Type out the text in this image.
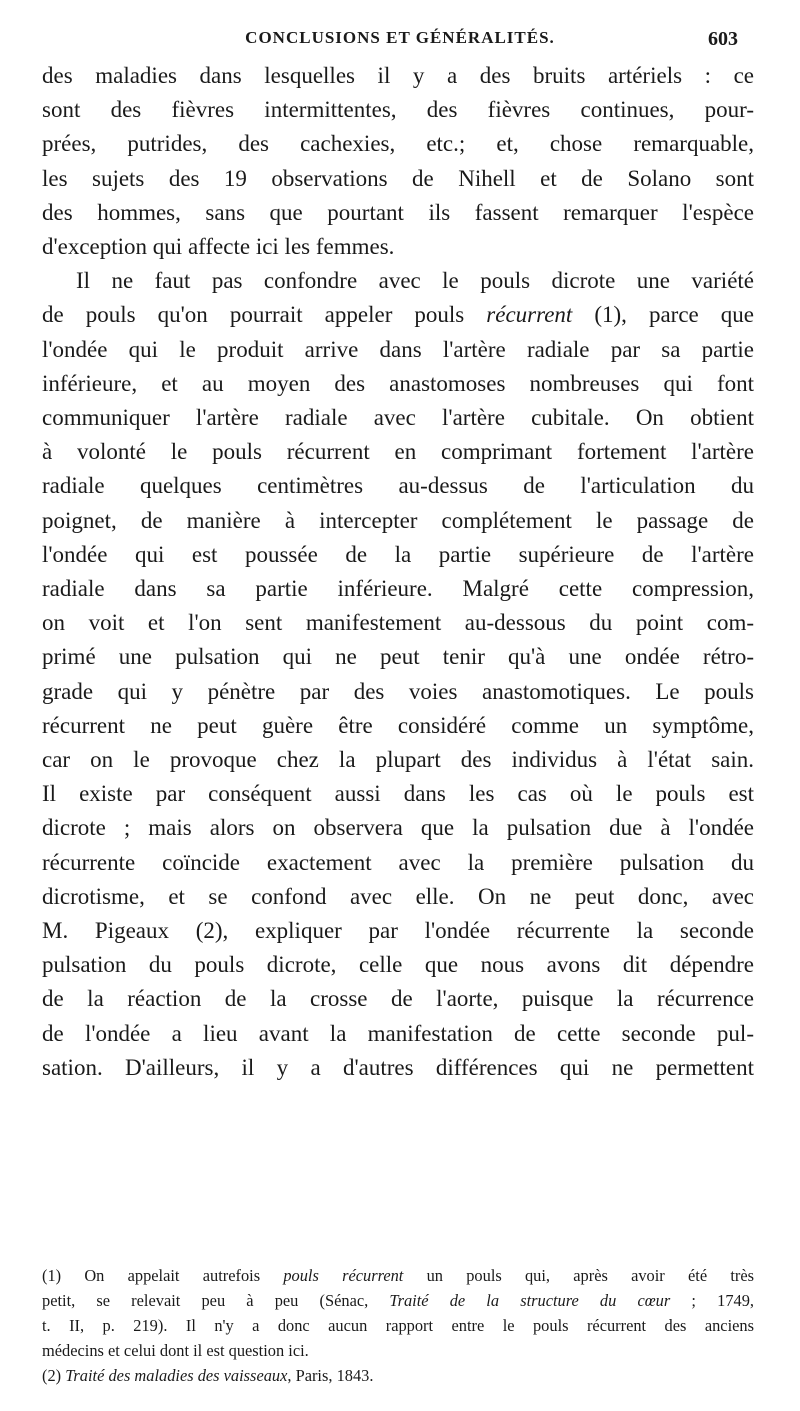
CONCLUSIONS ET GÉNÉRALITÉS.	603

des maladies dans lesquelles il y a des bruits artériels : ce
sont des fièvres intermittentes, des fièvres continues, pour-
prées, putrides, des cachexies, etc.; et, chose remarquable,
les sujets des 19 observations de Nihell et de Solano sont
des hommes, sans que pourtant ils fassent remarquer l'espèce
d'exception qui affecte ici les femmes.

Il ne faut pas confondre avec le pouls dicrote une variété
de pouls qu'on pourrait appeler pouls récurrent (1), parce que
l'ondée qui le produit arrive dans l'artère radiale par sa partie
inférieure, et au moyen des anastomoses nombreuses qui font
communiquer l'artère radiale avec l'artère cubitale. On obtient
à volonté le pouls récurrent en comprimant fortement l'artère
radiale quelques centimètres au-dessus de l'articulation du
poignet, de manière à intercepter complétement le passage de
l'ondée qui est poussée de la partie supérieure de l'artère
radiale dans sa partie inférieure. Malgré cette compression,
on voit et l'on sent manifestement au-dessous du point com-
primé une pulsation qui ne peut tenir qu'à une ondée rétro-
grade qui y pénètre par des voies anastomotiques. Le pouls
récurrent ne peut guère être considéré comme un symptôme,
car on le provoque chez la plupart des individus à l'état sain.
Il existe par conséquent aussi dans les cas où le pouls est
dicrote ; mais alors on observera que la pulsation due à l'ondée
récurrente coïncide exactement avec la première pulsation du
dicrotisme, et se confond avec elle. On ne peut donc, avec
M. Pigeaux (2), expliquer par l'ondée récurrente la seconde
pulsation du pouls dicrote, celle que nous avons dit dépendre
de la réaction de la crosse de l'aorte, puisque la récurrence
de l'ondée a lieu avant la manifestation de cette seconde pul-
sation. D'ailleurs, il y a d'autres différences qui ne permettent

(1) On appelait autrefois pouls récurrent un pouls qui, après avoir été très
petit, se relevait peu à peu (Sénac, Traité de la structure du cœur ; 1749,
t. II, p. 219). Il n'y a donc aucun rapport entre le pouls récurrent des anciens
médecins et celui dont il est question ici.
(2) Traité des maladies des vaisseaux, Paris, 1843.
